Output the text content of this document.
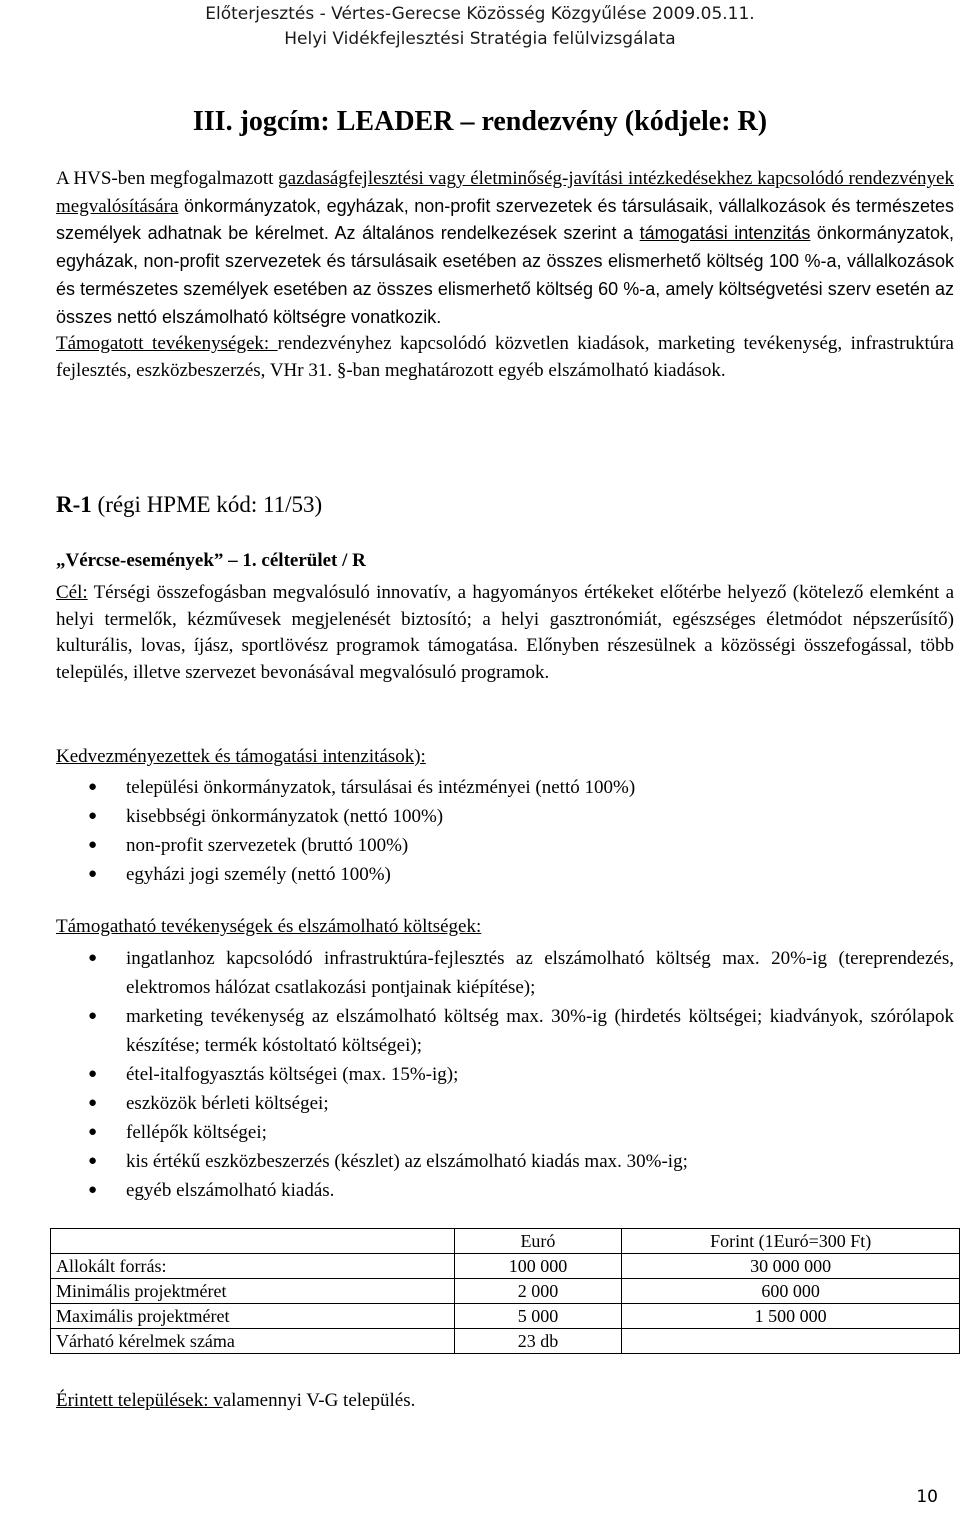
Előterjesztés - Vértes-Gerecse Közösség Közgyűlése 2009.05.11.
Helyi Vidékfejlesztési Stratégia felülvizsgálata
III. jogcím: LEADER – rendezvény (kódjele: R)
A HVS-ben megfogalmazott gazdaságfejlesztési vagy életminőség-javítási intézkedésekhez kapcsolódó rendezvények megvalósítására önkormányzatok, egyházak, non-profit szervezetek és társulásaik, vállalkozások és természetes személyek adhatnak be kérelmet. Az általános rendelkezések szerint a támogatási intenzitás önkormányzatok, egyházak, non-profit szervezetek és társulásaik esetében az összes elismerhető költség 100 %-a, vállalkozások és természetes személyek esetében az összes elismerhető költség 60 %-a, amely költségvetési szerv esetén az összes nettó elszámolható költségre vonatkozik.
Támogatott tevékenységek: rendezvényhez kapcsolódó közvetlen kiadások, marketing tevékenység, infrastruktúra fejlesztés, eszközbeszerzés, VHr 31. §-ban meghatározott egyéb elszámolható kiadások.
R-1 (régi HPME kód: 11/53)
„Vércse-események” – 1. célterület / R
Cél: Térségi összefogásban megvalósuló innovatív, a hagyományos értékeket előtérbe helyező (kötelező elemként a helyi termelők, kézművesek megjelenését biztosító; a helyi gasztronómiát, egészséges életmódot népszerűsítő) kulturális, lovas, íjász, sportlövész programok támogatása. Előnyben részesülnek a közösségi összefogással, több település, illetve szervezet bevonásával megvalósuló programok.
Kedvezményezettek és támogatási intenzitások):
● települési önkormányzatok, társulásai és intézményei (nettó 100%)
● kisebbségi önkormányzatok (nettó 100%)
● non-profit szervezetek (bruttó 100%)
● egyházi jogi személy (nettó 100%)
Támogatható tevékenységek és elszámolható költségek:
● ingatlanhoz kapcsolódó infrastruktúra-fejlesztés az elszámolható költség max. 20%-ig (tereprendezés, elektromos hálózat csatlakozási pontjainak kiépítése);
● marketing tevékenység az elszámolható költség max. 30%-ig (hirdetés költségei; kiadványok, szórólapok készítése; termék kóstoltató költségei);
● étel-italfogyasztás költségei (max. 15%-ig);
● eszközök bérleti költségei;
● fellépők költségei;
● kis értékű eszközbeszerzés (készlet) az elszámolható kiadás max. 30%-ig;
● egyéb elszámolható kiadás.
	Euró	Forint (1Euró=300 Ft)
Allokált forrás:	100 000	30 000 000
Minimális projektméret	2 000	600 000
Maximális projektméret	5 000	1 500 000
Várható kérelmek száma	23 db	
Érintett települések: valamennyi V-G település.
10
